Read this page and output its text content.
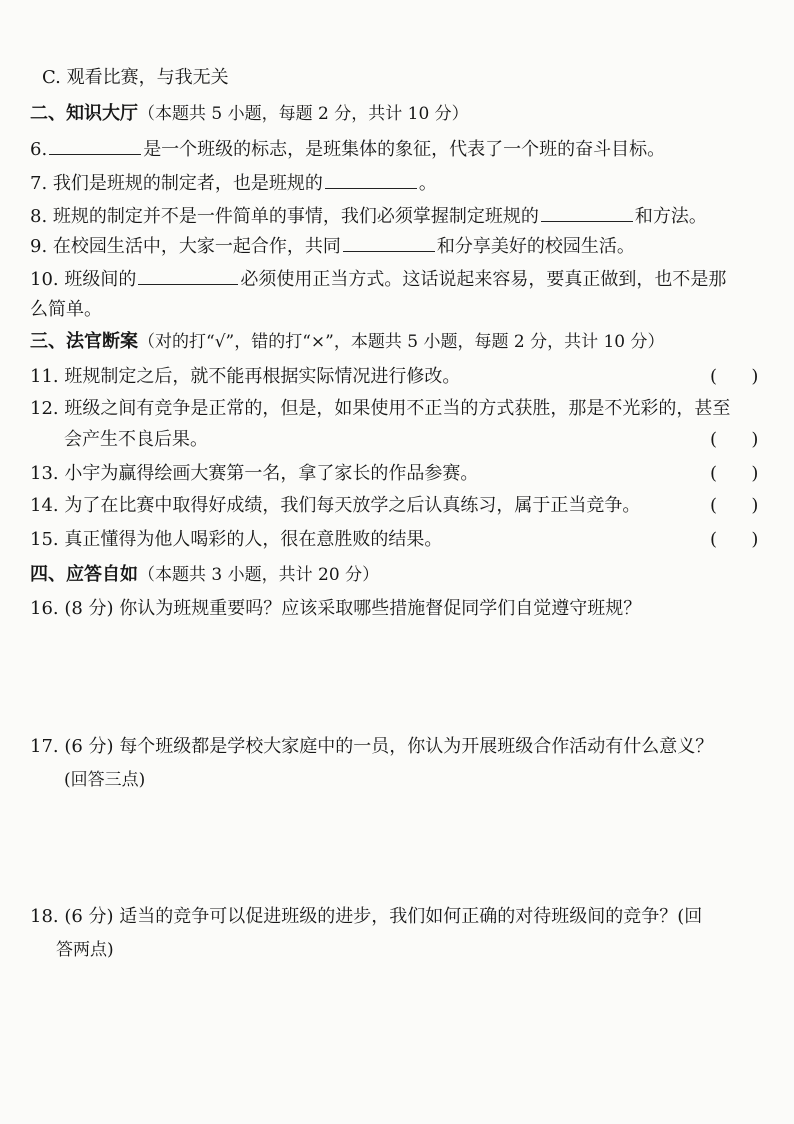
C. 观看比赛，与我无关
二、知识大厅（本题共 5 小题，每题 2 分，共计 10 分）
6.	是一个班级的标志，是班集体的象征，代表了一个班的奋斗目标。
7. 我们是班规的制定者，也是班规的	。
8. 班规的制定并不是一件简单的事情，我们必须掌握制定班规的	和方法。
9. 在校园生活中，大家一起合作，共同	和分享美好的校园生活。
10. 班级间的	必须使用正当方式。这话说起来容易，要真正做到，也不是那
么简单。
三、法官断案（对的打“√”，错的打“×”，本题共 5 小题，每题 2 分，共计 10 分）
11. 班规制定之后，就不能再根据实际情况进行修改。	(      )
12. 班级之间有竞争是正常的，但是，如果使用不正当的方式获胜，那是不光彩的，甚至
会产生不良后果。	(      )
13. 小宇为赢得绘画大赛第一名，拿了家长的作品参赛。	(      )
14. 为了在比赛中取得好成绩，我们每天放学之后认真练习，属于正当竞争。	(      )
15. 真正懂得为他人喝彩的人，很在意胜败的结果。	(      )
四、应答自如（本题共 3 小题，共计 20 分）
16. (8 分) 你认为班规重要吗？应该采取哪些措施督促同学们自觉遵守班规？
17. (6 分) 每个班级都是学校大家庭中的一员，你认为开展班级合作活动有什么意义？
(回答三点)
18. (6 分) 适当的竞争可以促进班级的进步，我们如何正确的对待班级间的竞争？(回
答两点)
